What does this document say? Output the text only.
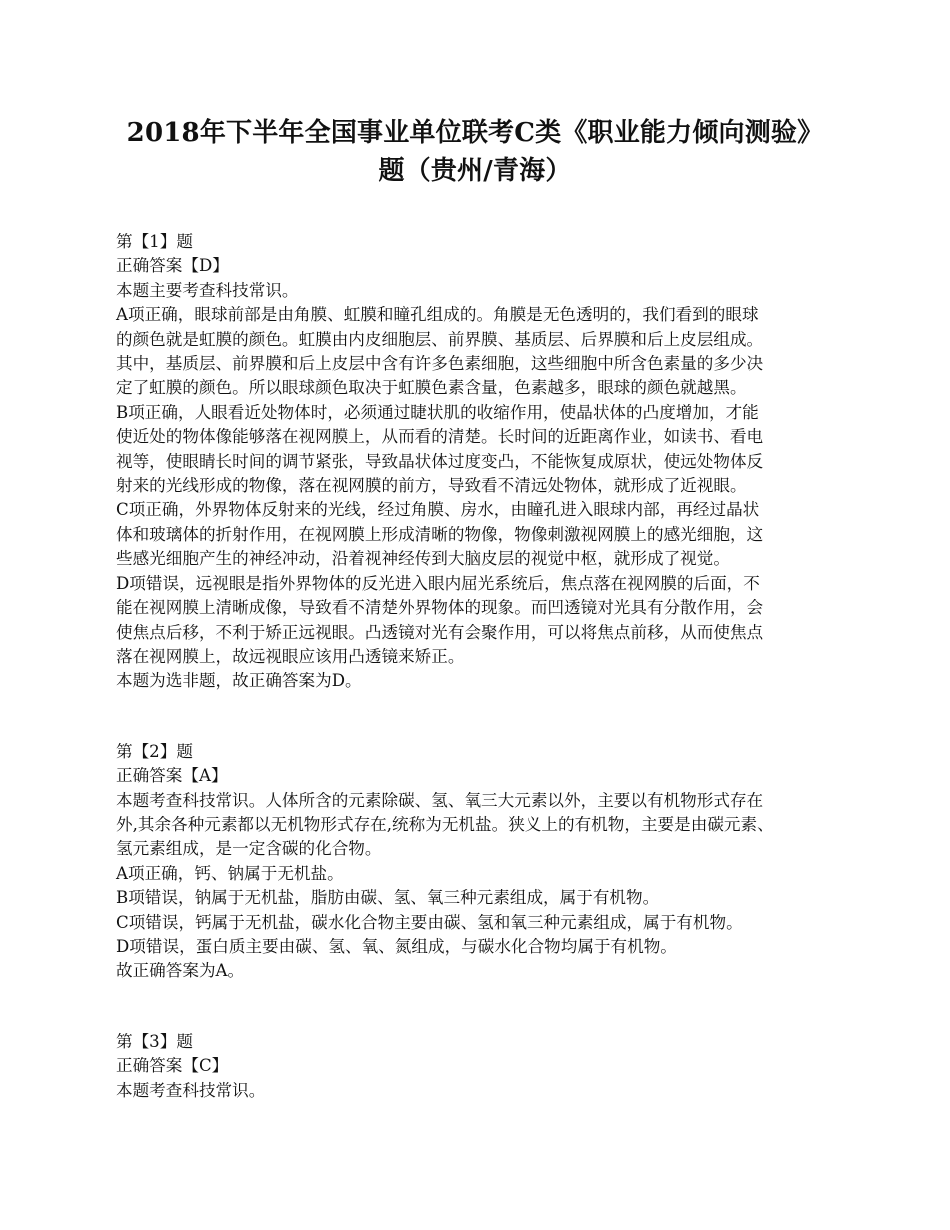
2018年下半年全国事业单位联考C类《职业能力倾向测验》
题（贵州/青海）
第【1】题
正确答案【D】
本题主要考查科技常识。
A项正确，眼球前部是由角膜、虹膜和瞳孔组成的。角膜是无色透明的，我们看到的眼球
的颜色就是虹膜的颜色。虹膜由内皮细胞层、前界膜、基质层、后界膜和后上皮层组成。
其中，基质层、前界膜和后上皮层中含有许多色素细胞，这些细胞中所含色素量的多少决
定了虹膜的颜色。所以眼球颜色取决于虹膜色素含量，色素越多，眼球的颜色就越黑。
B项正确，人眼看近处物体时，必须通过睫状肌的收缩作用，使晶状体的凸度增加，才能
使近处的物体像能够落在视网膜上，从而看的清楚。长时间的近距离作业，如读书、看电
视等，使眼睛长时间的调节紧张，导致晶状体过度变凸，不能恢复成原状，使远处物体反
射来的光线形成的物像，落在视网膜的前方，导致看不清远处物体，就形成了近视眼。
C项正确，外界物体反射来的光线，经过角膜、房水，由瞳孔进入眼球内部，再经过晶状
体和玻璃体的折射作用，在视网膜上形成清晰的物像，物像刺激视网膜上的感光细胞，这
些感光细胞产生的神经冲动，沿着视神经传到大脑皮层的视觉中枢，就形成了视觉。
D项错误，远视眼是指外界物体的反光进入眼内屈光系统后，焦点落在视网膜的后面，不
能在视网膜上清晰成像，导致看不清楚外界物体的现象。而凹透镜对光具有分散作用，会
使焦点后移，不利于矫正远视眼。凸透镜对光有会聚作用，可以将焦点前移，从而使焦点
落在视网膜上，故远视眼应该用凸透镜来矫正。
本题为选非题，故正确答案为D。
第【2】题
正确答案【A】
本题考查科技常识。人体所含的元素除碳、氢、氧三大元素以外，主要以有机物形式存在
外,其余各种元素都以无机物形式存在,统称为无机盐。狭义上的有机物，主要是由碳元素、
氢元素组成，是一定含碳的化合物。
A项正确，钙、钠属于无机盐。
B项错误，钠属于无机盐，脂肪由碳、氢、氧三种元素组成，属于有机物。
C项错误，钙属于无机盐，碳水化合物主要由碳、氢和氧三种元素组成，属于有机物。
D项错误，蛋白质主要由碳、氢、氧、氮组成，与碳水化合物均属于有机物。
故正确答案为A。
第【3】题
正确答案【C】
本题考查科技常识。
